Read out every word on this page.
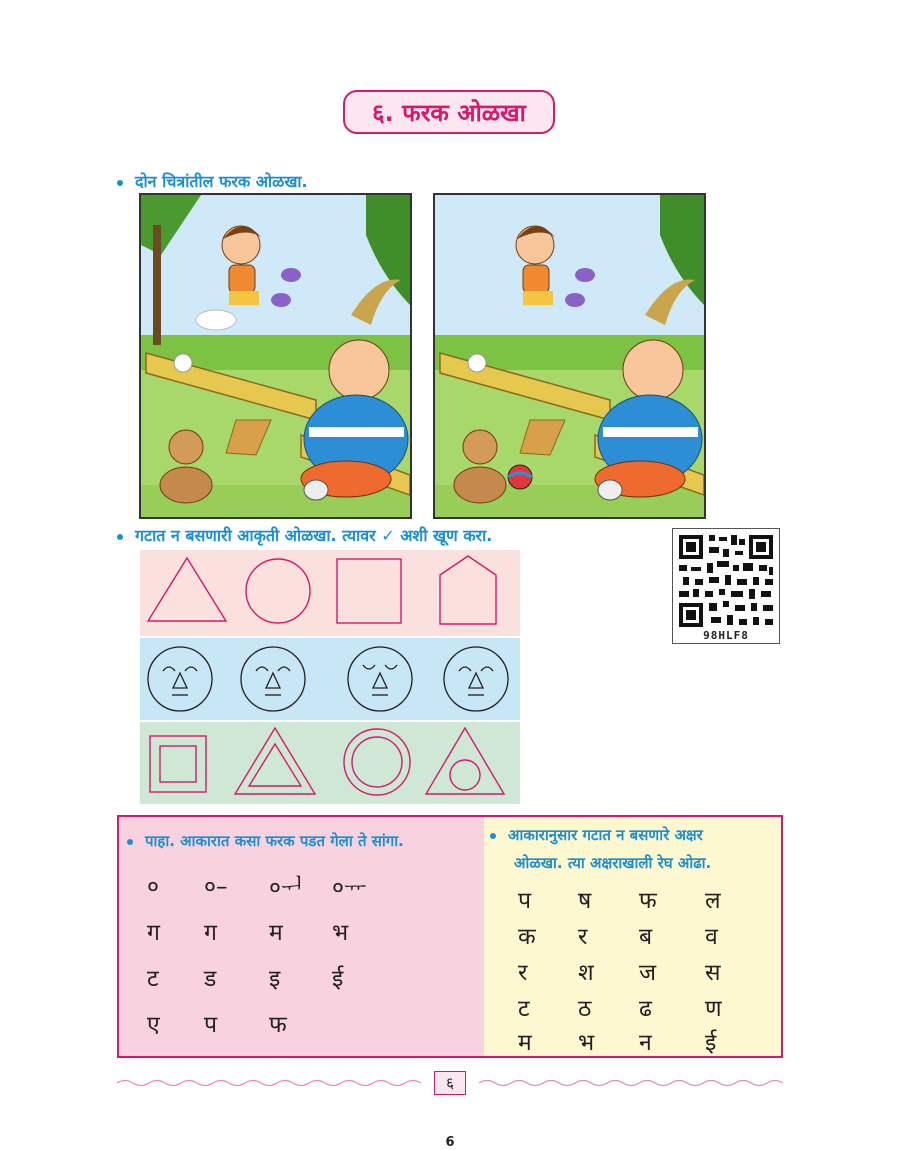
६. फरक ओळखा
दोन चित्रांतील फरक ओळखा.
गटात न बसणारी आकृती ओळखा. त्यावर ✓ अशी खूण करा.
98HLF8
पाहा. आकारात कसा फरक पडत गेला ते सांगा.
० ०– ०ᅱ ०ᅲ
ग ग म भ
ट ड इ ई
ए प फ
आकारानुसार गटात न बसणारे अक्षर
ओळखा. त्या अक्षराखाली रेघ ओढा.
प ष फ ल
क र ब व
र श ज स
ट ठ ढ ण
म भ न ई
६
6
